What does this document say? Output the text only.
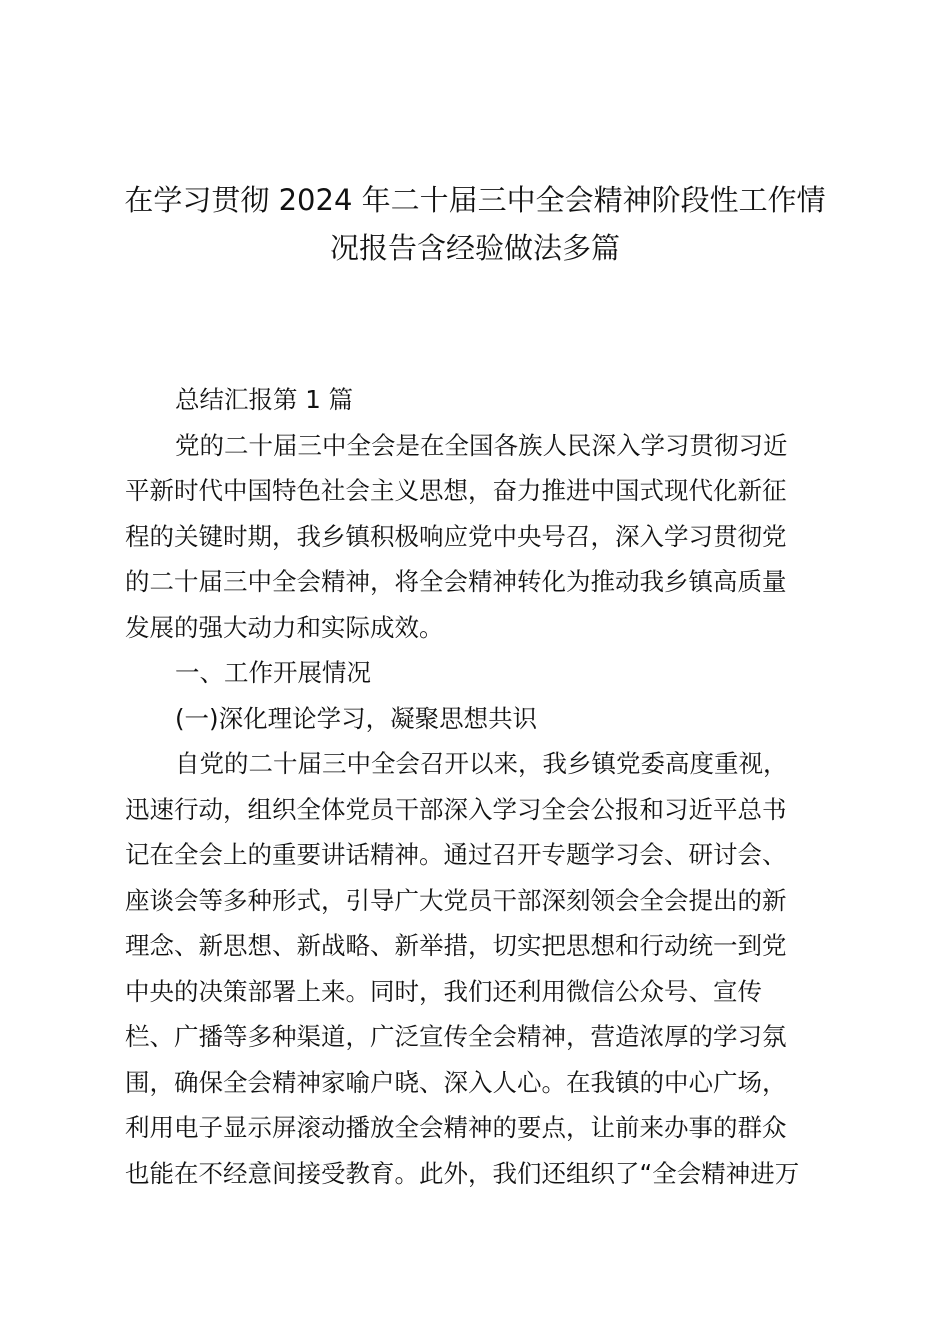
在学习贯彻 2024 年二十届三中全会精神阶段性工作情
况报告含经验做法多篇
总结汇报第 1 篇
党的二十届三中全会是在全国各族人民深入学习贯彻习近
平新时代中国特色社会主义思想，奋力推进中国式现代化新征
程的关键时期，我乡镇积极响应党中央号召，深入学习贯彻党
的二十届三中全会精神，将全会精神转化为推动我乡镇高质量
发展的强大动力和实际成效。
一、工作开展情况
(一)深化理论学习，凝聚思想共识
自党的二十届三中全会召开以来，我乡镇党委高度重视，
迅速行动，组织全体党员干部深入学习全会公报和习近平总书
记在全会上的重要讲话精神。通过召开专题学习会、研讨会、
座谈会等多种形式，引导广大党员干部深刻领会全会提出的新
理念、新思想、新战略、新举措，切实把思想和行动统一到党
中央的决策部署上来。同时，我们还利用微信公众号、宣传
栏、广播等多种渠道，广泛宣传全会精神，营造浓厚的学习氛
围，确保全会精神家喻户晓、深入人心。在我镇的中心广场，
利用电子显示屏滚动播放全会精神的要点，让前来办事的群众
也能在不经意间接受教育。此外，我们还组织了“全会精神进万
